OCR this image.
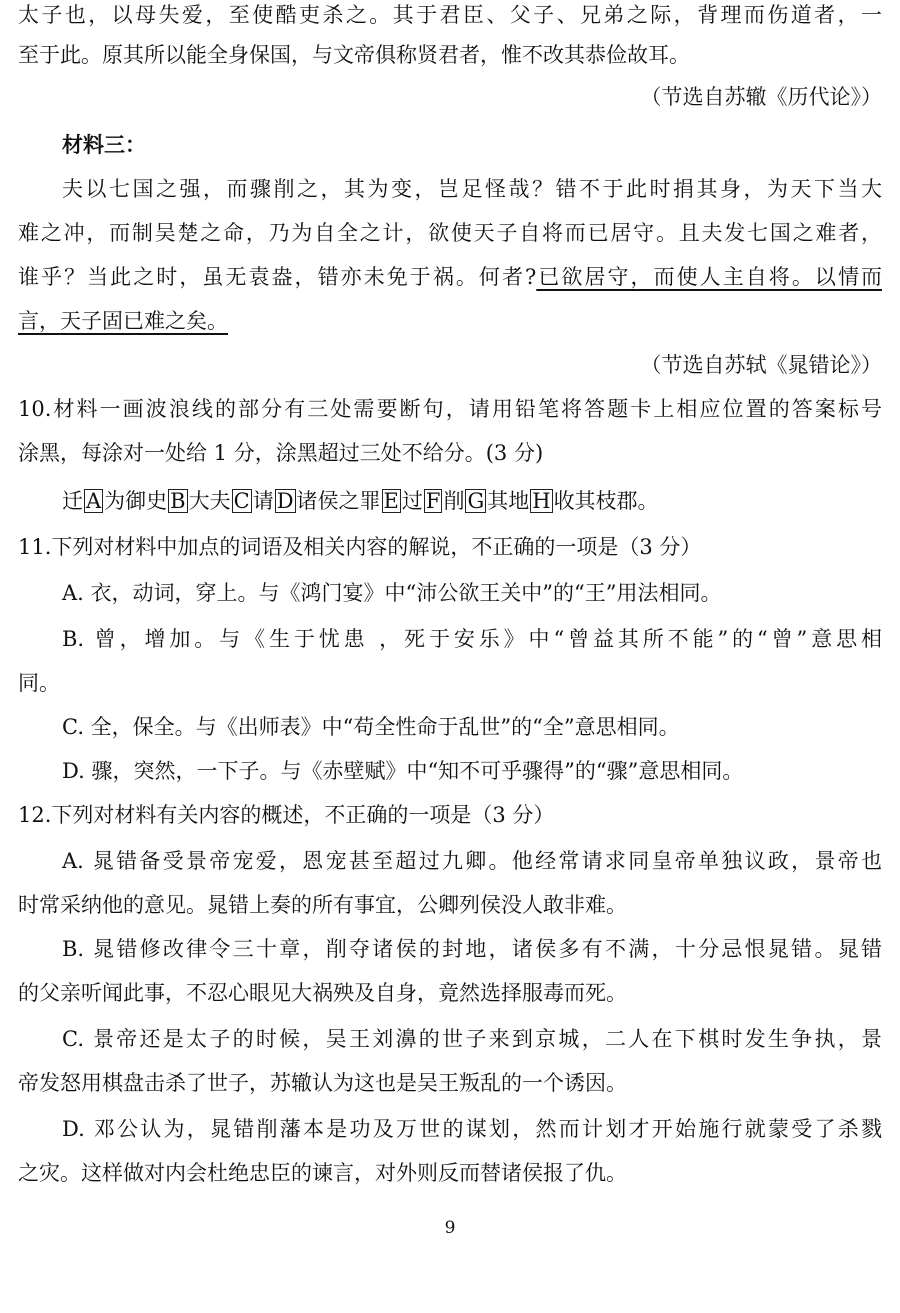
太子也，以母失爱，至使酷吏杀之。其于君臣、父子、兄弟之际，背理而伤道者，一
至于此。原其所以能全身保国，与文帝俱称贤君者，惟不改其恭俭故耳。
（节选自苏辙《历代论》）
材料三：
夫以七国之强，而骤削之，其为变，岂足怪哉？错不于此时捐其身，为天下当大
难之冲，而制吴楚之命，乃为自全之计，欲使天子自将而已居守。且夫发七国之难者，
谁乎？当此之时，虽无袁盎，错亦未免于祸。何者?已欲居守，而使人主自将。以情而
言，天子固已难之矣。
（节选自苏轼《晁错论》）
10.材料一画波浪线的部分有三处需要断句，请用铅笔将答题卡上相应位置的答案标号
涂黑，每涂对一处给 1 分，涂黑超过三处不给分。(3 分)
迁 A 为御史 B 大夫 C 请 D 诸侯之罪 E 过 F 削 G 其地 H 收其枝郡。
11.下列对材料中加点的词语及相关内容的解说，不正确的一项是（3 分）
A. 衣，动词，穿上。与《鸿门宴》中“沛公欲王关中”的“王”用法相同。
B. 曾，增加。与《生于忧患 ，死于安乐》中“曾益其所不能”的“曾”意思相
同。
C. 全，保全。与《出师表》中“苟全性命于乱世”的“全”意思相同。
D. 骤，突然，一下子。与《赤壁赋》中“知不可乎骤得”的“骤”意思相同。
12.下列对材料有关内容的概述，不正确的一项是（3 分）
A. 晁错备受景帝宠爱，恩宠甚至超过九卿。他经常请求同皇帝单独议政，景帝也
时常采纳他的意见。晁错上奏的所有事宜，公卿列侯没人敢非难。
B. 晁错修改律令三十章，削夺诸侯的封地，诸侯多有不满，十分忌恨晁错。晁错
的父亲听闻此事，不忍心眼见大祸殃及自身，竟然选择服毒而死。
C. 景帝还是太子的时候，吴王刘濞的世子来到京城，二人在下棋时发生争执，景
帝发怒用棋盘击杀了世子，苏辙认为这也是吴王叛乱的一个诱因。
D. 邓公认为，晁错削藩本是功及万世的谋划，然而计划才开始施行就蒙受了杀戮
之灾。这样做对内会杜绝忠臣的谏言，对外则反而替诸侯报了仇。
9
